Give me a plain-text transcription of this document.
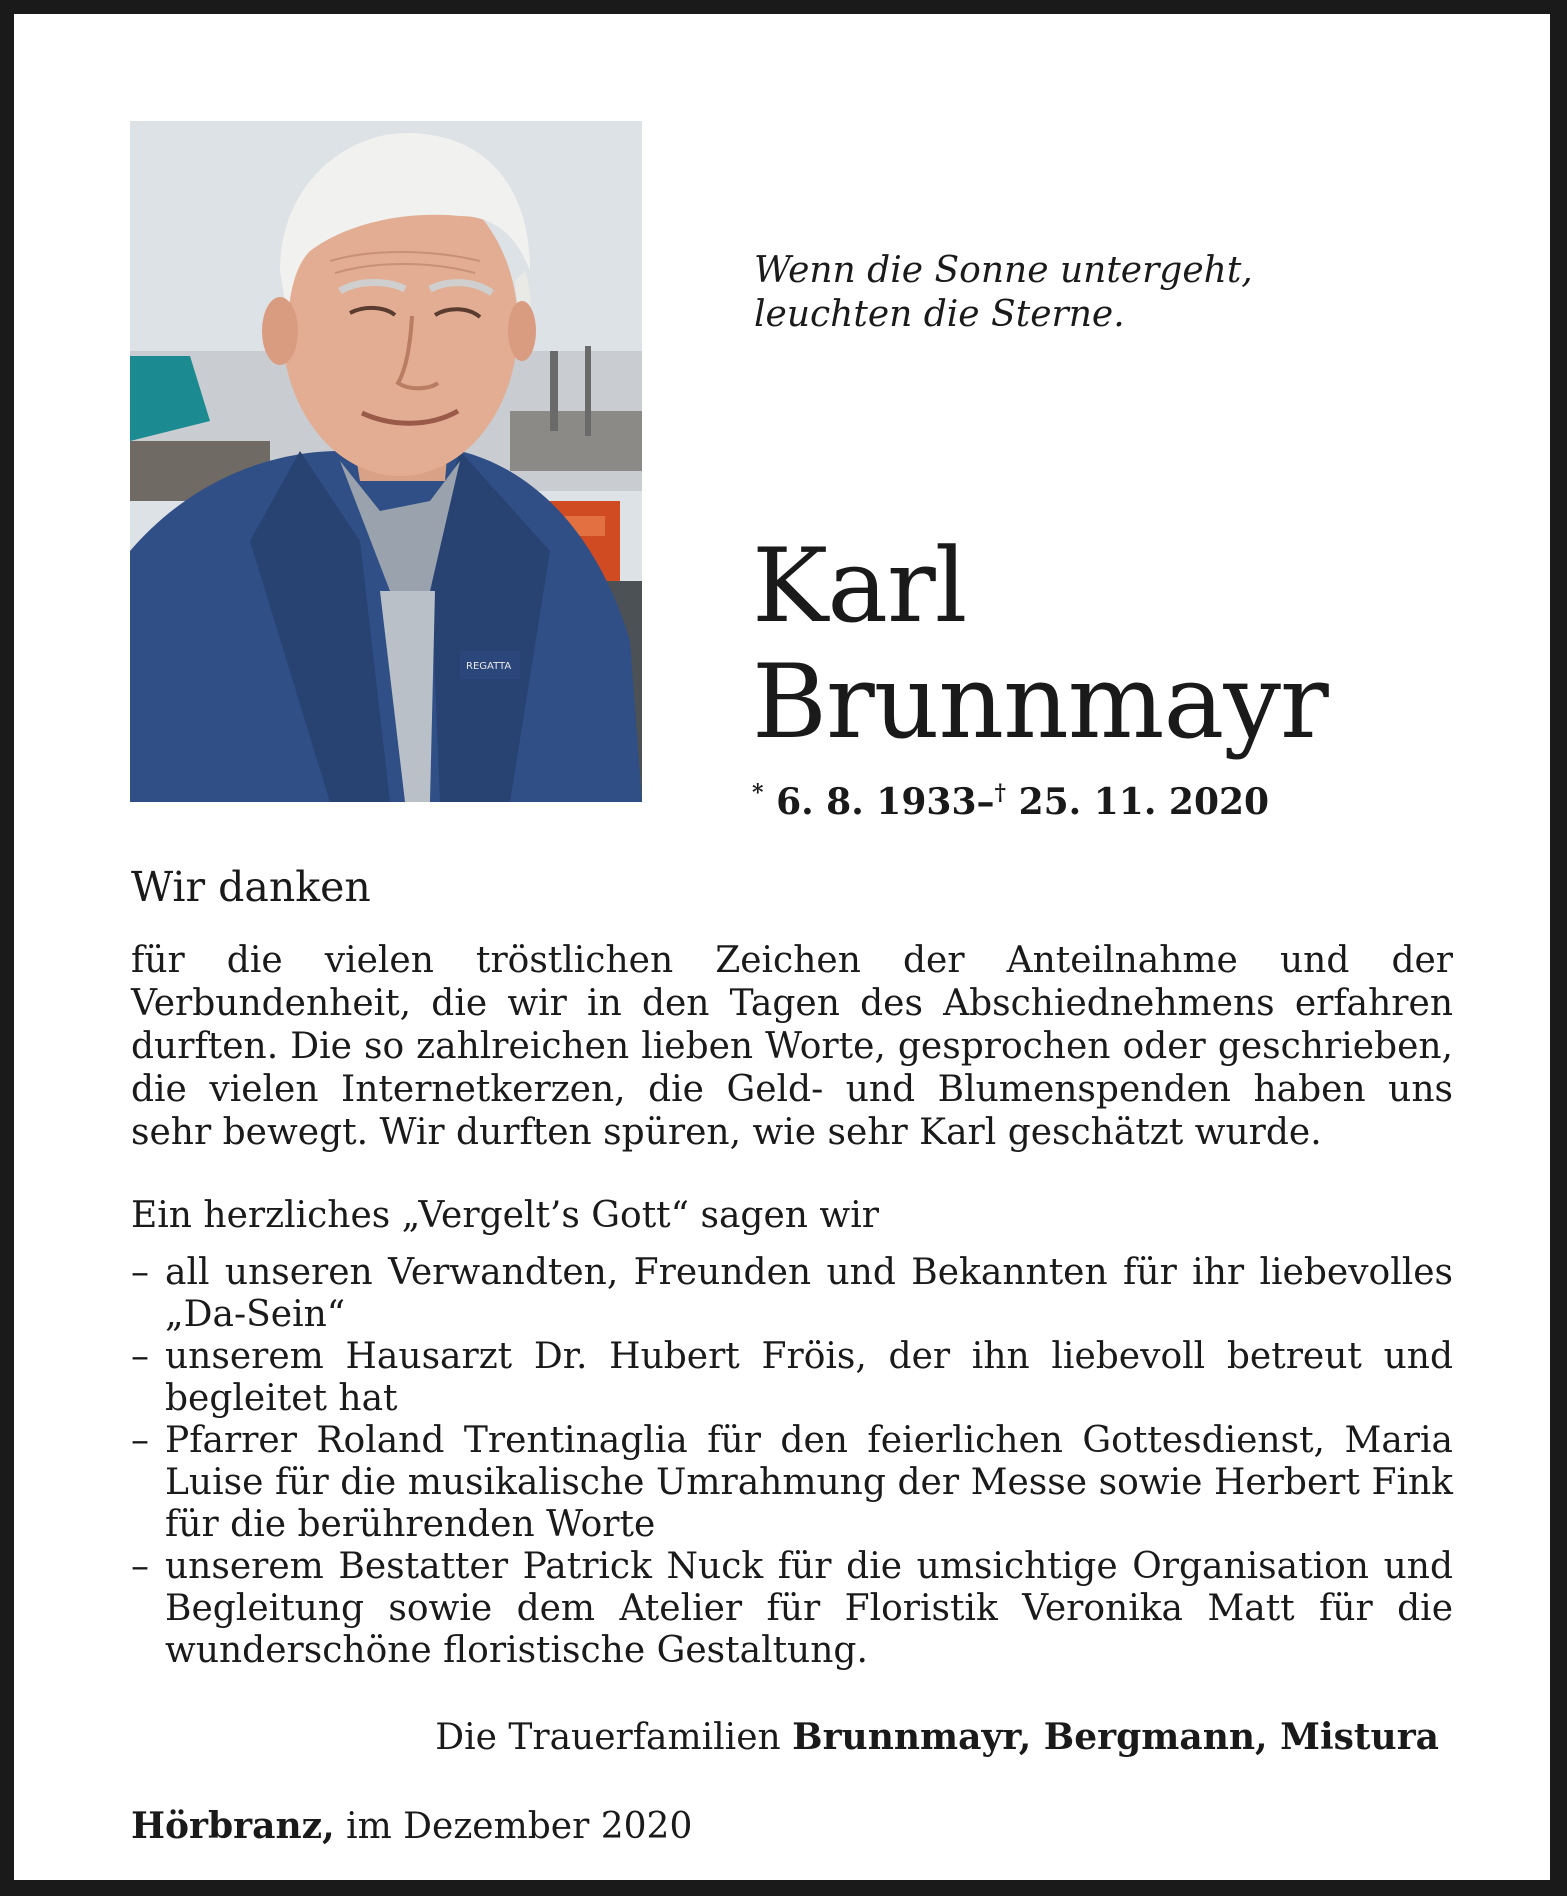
REGATTA
Wenn die Sonne untergeht,
leuchten die Sterne.
Karl
Brunnmayr
* 6. 8. 1933–† 25. 11. 2020
Wir danken
für die vielen tröstlichen Zeichen der Anteilnahme und der Verbundenheit, die wir in den Tagen des Abschiednehmens erfahren durften. Die so zahlreichen lieben Worte, gesprochen oder geschrieben, die vielen Internetkerzen, die Geld- und Blumenspenden haben uns sehr bewegt. Wir durften spüren, wie sehr Karl geschätzt wurde.
Ein herzliches „Vergelt’s Gott“ sagen wir
– all unseren Verwandten, Freunden und Bekannten für ihr liebevolles „Da-Sein“
– unserem Hausarzt Dr. Hubert Fröis, der ihn liebevoll betreut und begleitet hat
– Pfarrer Roland Trentinaglia für den feierlichen Gottesdienst, Maria Luise für die musikalische Umrahmung der Messe sowie Herbert Fink für die berührenden Worte
– unserem Bestatter Patrick Nuck für die umsichtige Organisation und Begleitung sowie dem Atelier für Floristik Veronika Matt für die wunderschöne floristische Gestaltung.
Die Trauerfamilien Brunnmayr, Bergmann, Mistura
Hörbranz, im Dezember 2020
